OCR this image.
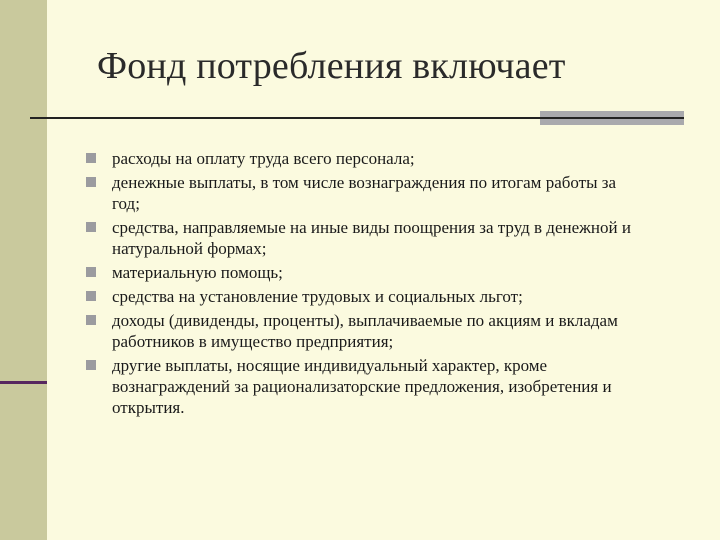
Фонд потребления включает
расходы на оплату труда всего персонала;
денежные выплаты, в том числе вознаграждения по итогам работы за год;
средства, направляемые на иные виды поощрения за труд в денежной и натуральной формах;
материальную помощь;
средства на установление трудовых и социальных льгот;
доходы (дивиденды, проценты), выплачиваемые по акциям и вкладам работников в имущество предприятия;
другие выплаты, носящие индивидуальный характер, кроме вознаграждений за рационализаторские предложения, изобретения и открытия.
